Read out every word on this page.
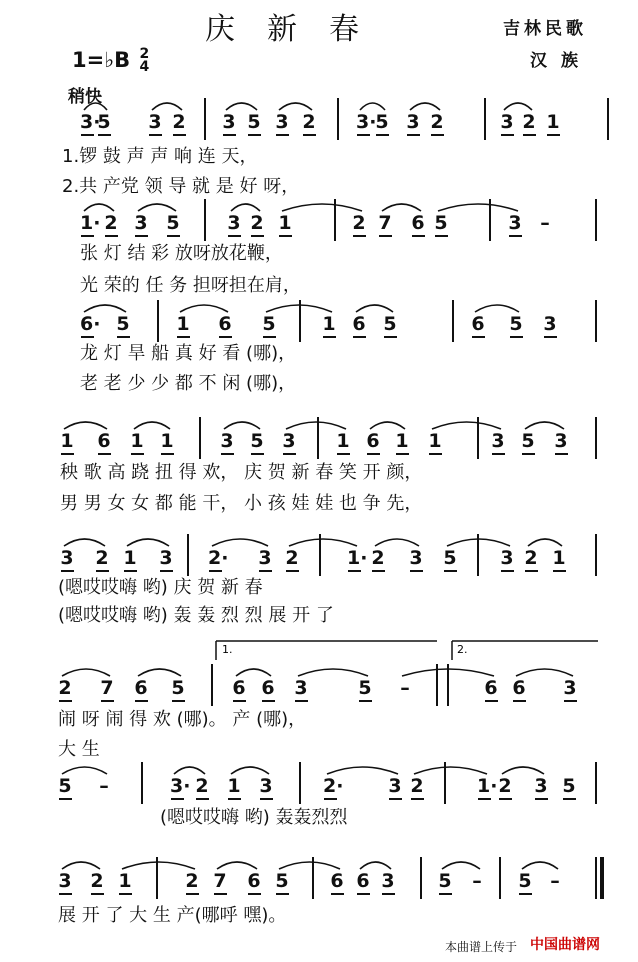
庆新春	吉林民歌
汉族
1=♭B 2
4
稍快
1.	2.
3·
5 3 2 3 5 3 2 3·
5 3 2	3 2 1
1.锣 鼓 声 声 响 连 天，
2.共 产党 领 导 就 是 好 呀，
1· 2 3 5	3 2 1	2 7 6 5	3 –
张 灯 结 彩 放呀放花鞭，
光 荣的 任 务 担呀担在肩，
6· 5 1 6 5 1 6 5	6 5 3
龙 灯 旱 船 真 好 看 (哪)，
老 老 少 少 都 不 闲 (哪)，
1 6 1 1 3 5 3 1 6 1 1	3 5 3
秧 歌 高 跷 扭 得 欢， 庆 贺 新 春 笑 开 颜，
男 男 女 女 都 能 干， 小 孩 娃 娃 也 争 先，
3 2 1 3 2· 3 2	1· 2 3 5 3 2 1
(嗯哎哎嗨 哟) 庆 贺 新 春
(嗯哎哎嗨 哟) 轰 轰 烈 烈 展 开 了
2 7 6 5	6 6 3	5 –	6 6 3
闹 呀 闹 得 欢 (哪)。 产 (哪)，
大 生
5 –	3· 2 1 3	2· 3 2	1· 2 3 5
(嗯哎哎嗨 哟) 轰轰烈烈
3 2 1	2 7 6 5 6 6 3 5 – 5 –
展 开 了 大 生 产(哪呼 嘿)。
本曲谱上传于 中国曲谱网
